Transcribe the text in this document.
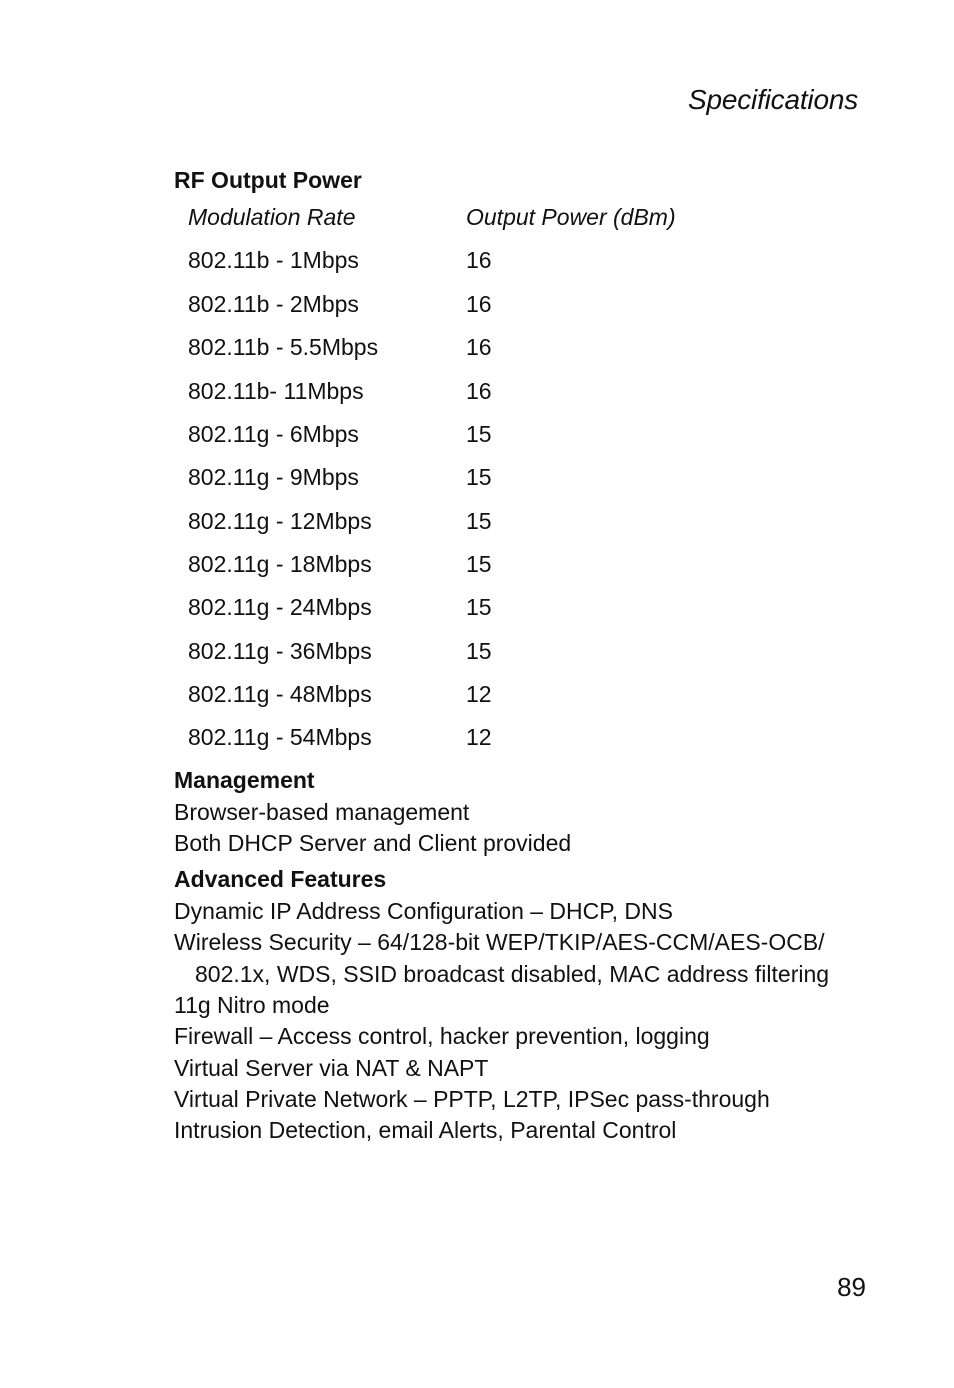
Specifications
RF Output Power
Modulation Rate	Output Power (dBm)
802.11b - 1Mbps	16
802.11b - 2Mbps	16
802.11b - 5.5Mbps	16
802.11b- 11Mbps	16
802.11g - 6Mbps	15
802.11g - 9Mbps	15
802.11g - 12Mbps	15
802.11g - 18Mbps	15
802.11g - 24Mbps	15
802.11g - 36Mbps	15
802.11g - 48Mbps	12
802.11g - 54Mbps	12
Management
Browser-based management
Both DHCP Server and Client provided
Advanced Features
Dynamic IP Address Configuration – DHCP, DNS
Wireless Security – 64/128-bit WEP/TKIP/AES-CCM/AES-OCB/
802.1x, WDS, SSID broadcast disabled, MAC address filtering
11g Nitro mode
Firewall – Access control, hacker prevention, logging
Virtual Server via NAT & NAPT
Virtual Private Network – PPTP, L2TP, IPSec pass-through
Intrusion Detection, email Alerts, Parental Control
89
